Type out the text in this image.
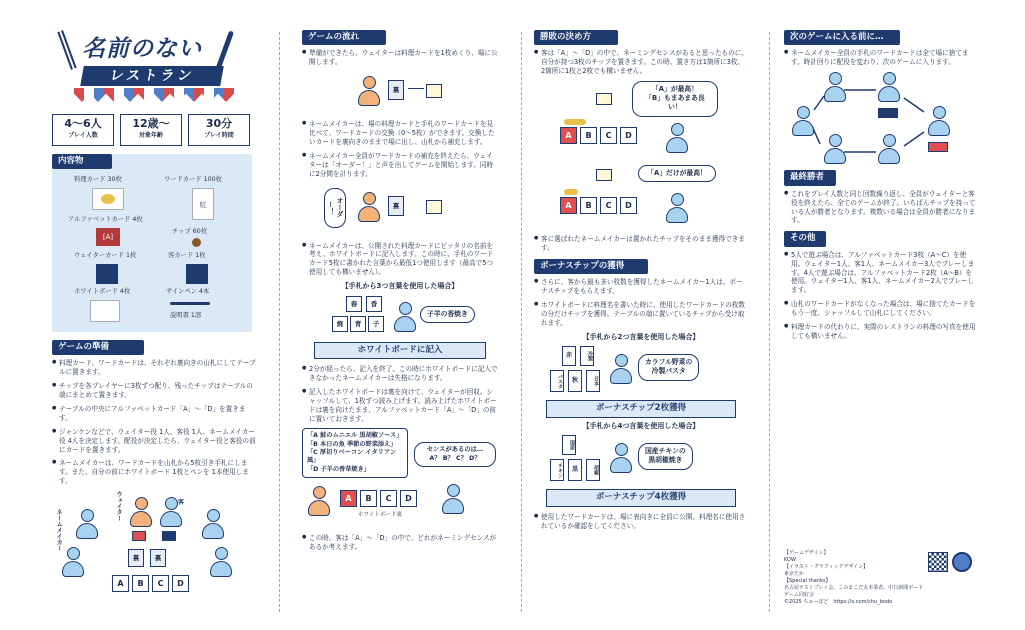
名前のない
レストラン
4〜6人
プレイ人数
12歳〜
対象年齢
30分
プレイ時間
内容物
料理カード 30枚	ワードカード 100枚
紅
アルファベットカード 4枚
チップ 60枚
[A]
ウェイターカード 1枚	客カード 1枚
ホワイトボード 4枚	サインペン 4本
説明書 1部
ゲームの準備
● 料理カード、ワードカードは、それぞれ裏向きの山札にしてテーブルに置きます。
● チップを各プレイヤーに3枚ずつ配り、残ったチップはテーブルの端にまとめて置きます。
● テーブルの中央にアルファベットカード「A」〜「D」を置きます。
● ジャンケンなどで、ウェイター役 1人、客役 1人、ネームメイカー役 4人を決定します。配役が決定したら、ウェイター役と客役の前にカードを置きます。
● ネームメイカーは、ワードカードを山札から5枚引き手札にします。また、自分の前にホワイトボード 1枚とペンを 1本使用します。
ネームメイカー
ウェイター	客
裏	裏
A	B	C	D
ゲームの流れ
● 準備ができたら、ウェイターは料理カードを1枚めくり、場に公開します。
裏
● ネームメイカーは、場の料理カードと手札のワードカードを見比べて、ワードカードの交換（0〜5枚）ができます。交換したいカードを裏向きのままで場に出し、山札から補充します。
● ネームメイカー全員がワードカードの補充を終えたら、ウェイターは「オーダー！」と声を出してゲームを開始します。同時に2分間を計ります。
オーダー！	裏
● ネームメイカーは、公開された料理カードにピッタリの名前を考え、ホワイトボードに記入します。この時に、手札のワードカード5枚に書かれた言葉から最低1つ使用します（最高で5つ使用しても構いません）。
【手札から3つ言葉を使用した場合】
春	香
焼	青	子
子羊の香焼き
ホワイトボードに記入
● 2分が経ったら、記入を終了。この時にホワイトボードに記入できなかったネームメイカーは失格になります。
● 記入したホワイトボードは裏を向けて、ウェイターが回収。シャッフルして、1枚ずつ読み上げます。読み上げたホワイトボードは裏を向けたまま、アルファベットカード「A」〜「D」の前に置いておきます。
「A 鮭のムニエル 黒胡椒ソース」
「B 本日の魚 季節の野菜添え」
「C 厚切りベーコン イタリアン風」
「D 子羊の香草焼き」
センスがあるのは…
A？ B？ C？ D？
A	B	C	D
ホワイトボード裏
● この時、客は「A」〜「D」の中で、どれがネーミングセンスがあるか考えます。
勝敗の決め方
● 客は「A」〜「D」の中で、ネーミングセンスがあると思ったものに、自分が持つ3枚のチップを置きます。この時、置き方は1箇所に3枚、2箇所に1枚と2枚でも構いません。
「A」が最高！
「B」もまあまあ良い！
A	B	C	D
「A」だけが最高！
A	B	C	D
● 客に選ばれたネームメイカーは置かれたチップをそのまま獲得できます。
ボーナスチップの獲得
● さらに、客から最も多い枚数を獲得したネームメイカー1人は、ボーナスチップをもらえます。
● ホワイトボードに料理名を書いた時に、使用したワードカードの枚数の分だけチップを獲得。テーブルの端に置いているチップから受け取れます。
【手札から2つ言葉を使用した場合】
赤	冷製
パスタ	秋	日本
カラフル野菜の
冷製パスタ
ボーナスチップ2枚獲得
【手札から4つ言葉を使用した場合】
国産
チキン	黒	胡椒
国産チキンの
黒胡椒焼き
ボーナスチップ4枚獲得
● 使用したワードカードは、場に表向きに全員に公開。料理名に使用されているか確認をしてください。
次のゲームに入る前に…
● ネームメイカー全員の手札のワードカードは全て場に捨てます。時計回りに配役を変わり、次のゲームに入ります。
最終勝者
● これをプレイ人数と同じ回数繰り返し、全員がウェイターと客役を終えたら、全てのゲームが終了。いちばんチップを持っている人が勝者となります。複数いる場合は全員が勝者になります。
その他
● 5人で遊ぶ場合は、アルファベットカード3枚（A〜C）を使用。ウェイター1人、客1人、ネームメイカー3人でプレーします。4人で遊ぶ場合は、アルファベットカード2枚（A〜B）を使用。ウェイター1人、客1人、ネームメイカー2人でプレーします。
● 山札のワードカードがなくなった場合は、場に捨てたカードをもう一度、シャッフルして山札にしてください。
● 料理カードの代わりに、実際のレストランの料理の写真を使用しても構いません。
【ゲームデザイン】
KOW
【イラスト・グラフィックデザイン】
東京たか
【Special thanks】
名古屋テストプレイ会、このまこだ丸本業者、中日新聞ボードゲーム同好会
©2025 ちゅーぼど　https://x.com/chu_bodo
